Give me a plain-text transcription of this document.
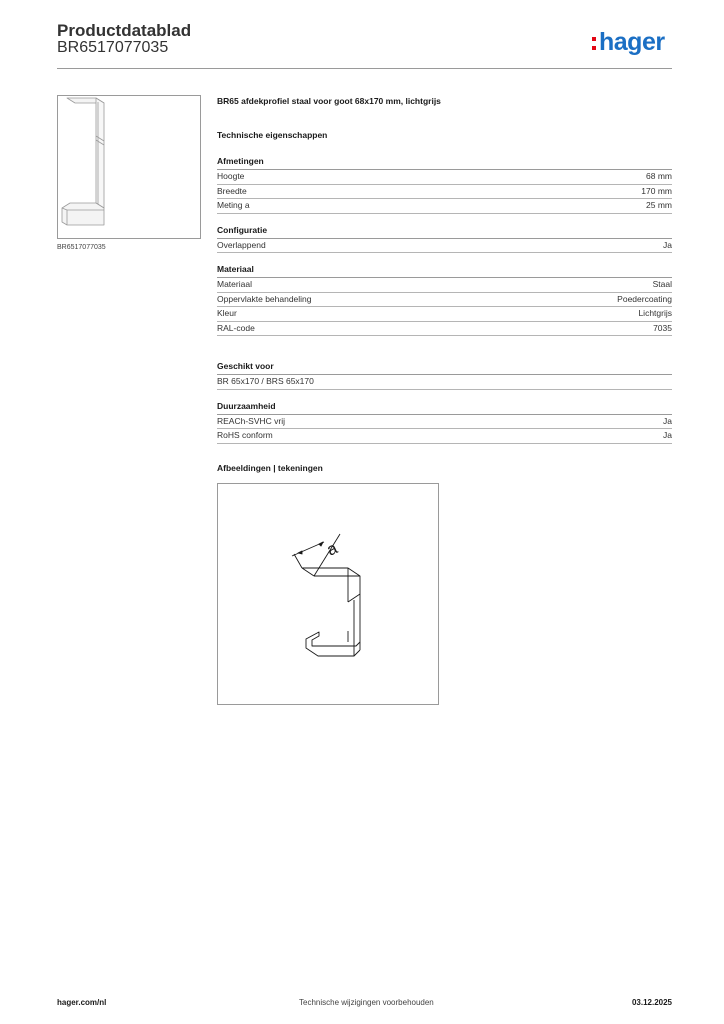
Productdatablad
BR6517077035	hager
BR6517077035
BR65 afdekprofiel staal voor goot 68x170 mm, lichtgrijs
Technische eigenschappen
Afmetingen
Hoogte	68 mm
Breedte	170 mm
Meting a	25 mm
Configuratie
Overlappend	Ja
Materiaal
Materiaal	Staal
Oppervlakte behandeling	Poedercoating
Kleur	Lichtgrijs
RAL-code	7035
Geschikt voor
BR 65x170 / BRS 65x170
Duurzaamheid
REACh-SVHC vrij	Ja
RoHS conform	Ja
Afbeeldingen | tekeningen
a
hager.com/nl	Technische wijzigingen voorbehouden	03.12.2025
